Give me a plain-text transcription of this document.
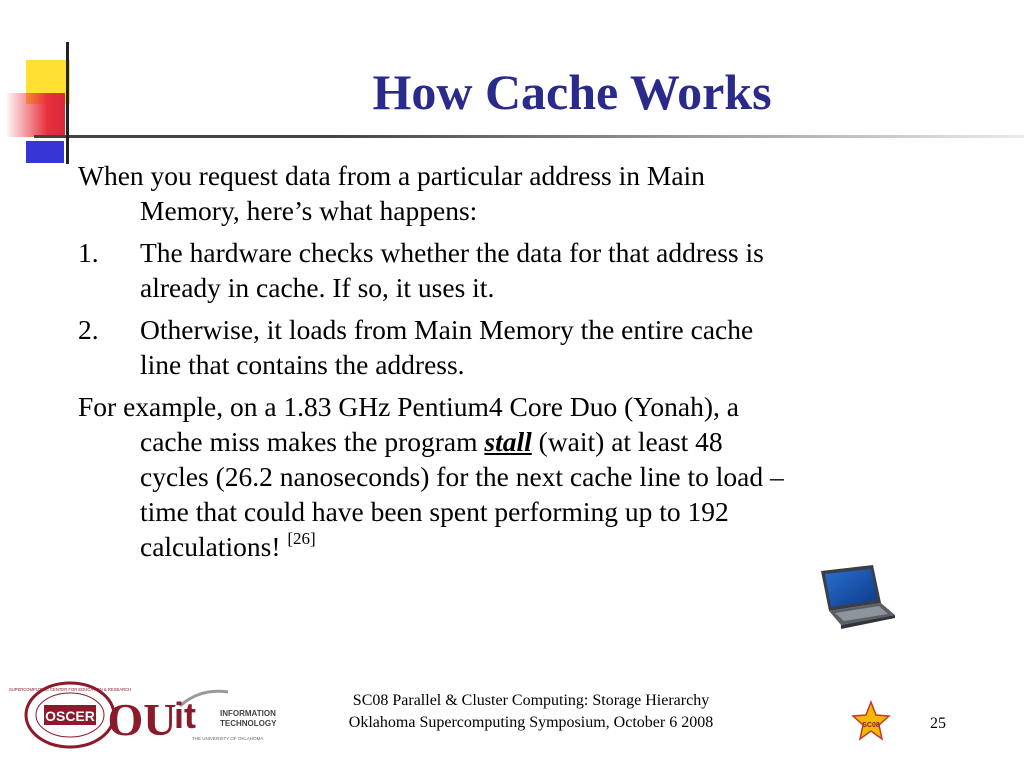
How Cache Works
When you request data from a particular address in Main
Memory, here’s what happens:
1.	The hardware checks whether the data for that address is
already in cache. If so, it uses it.
2.	Otherwise, it loads from Main Memory the entire cache
line that contains the address.
For example, on a 1.83 GHz Pentium4 Core Duo (Yonah), a
cache miss makes the program stall (wait) at least 48
cycles (26.2 nanoseconds) for the next cache line to load –
time that could have been spent performing up to 192
calculations! [26]
OSCER
SUPERCOMPUTING CENTER FOR EDUCATION & RESEARCH
OU
it	INFORMATION
TECHNOLOGY
THE UNIVERSITY OF OKLAHOMA
SC08 Parallel & Cluster Computing: Storage Hierarchy
Oklahoma Supercomputing Symposium, October 6 2008	SC08	25
